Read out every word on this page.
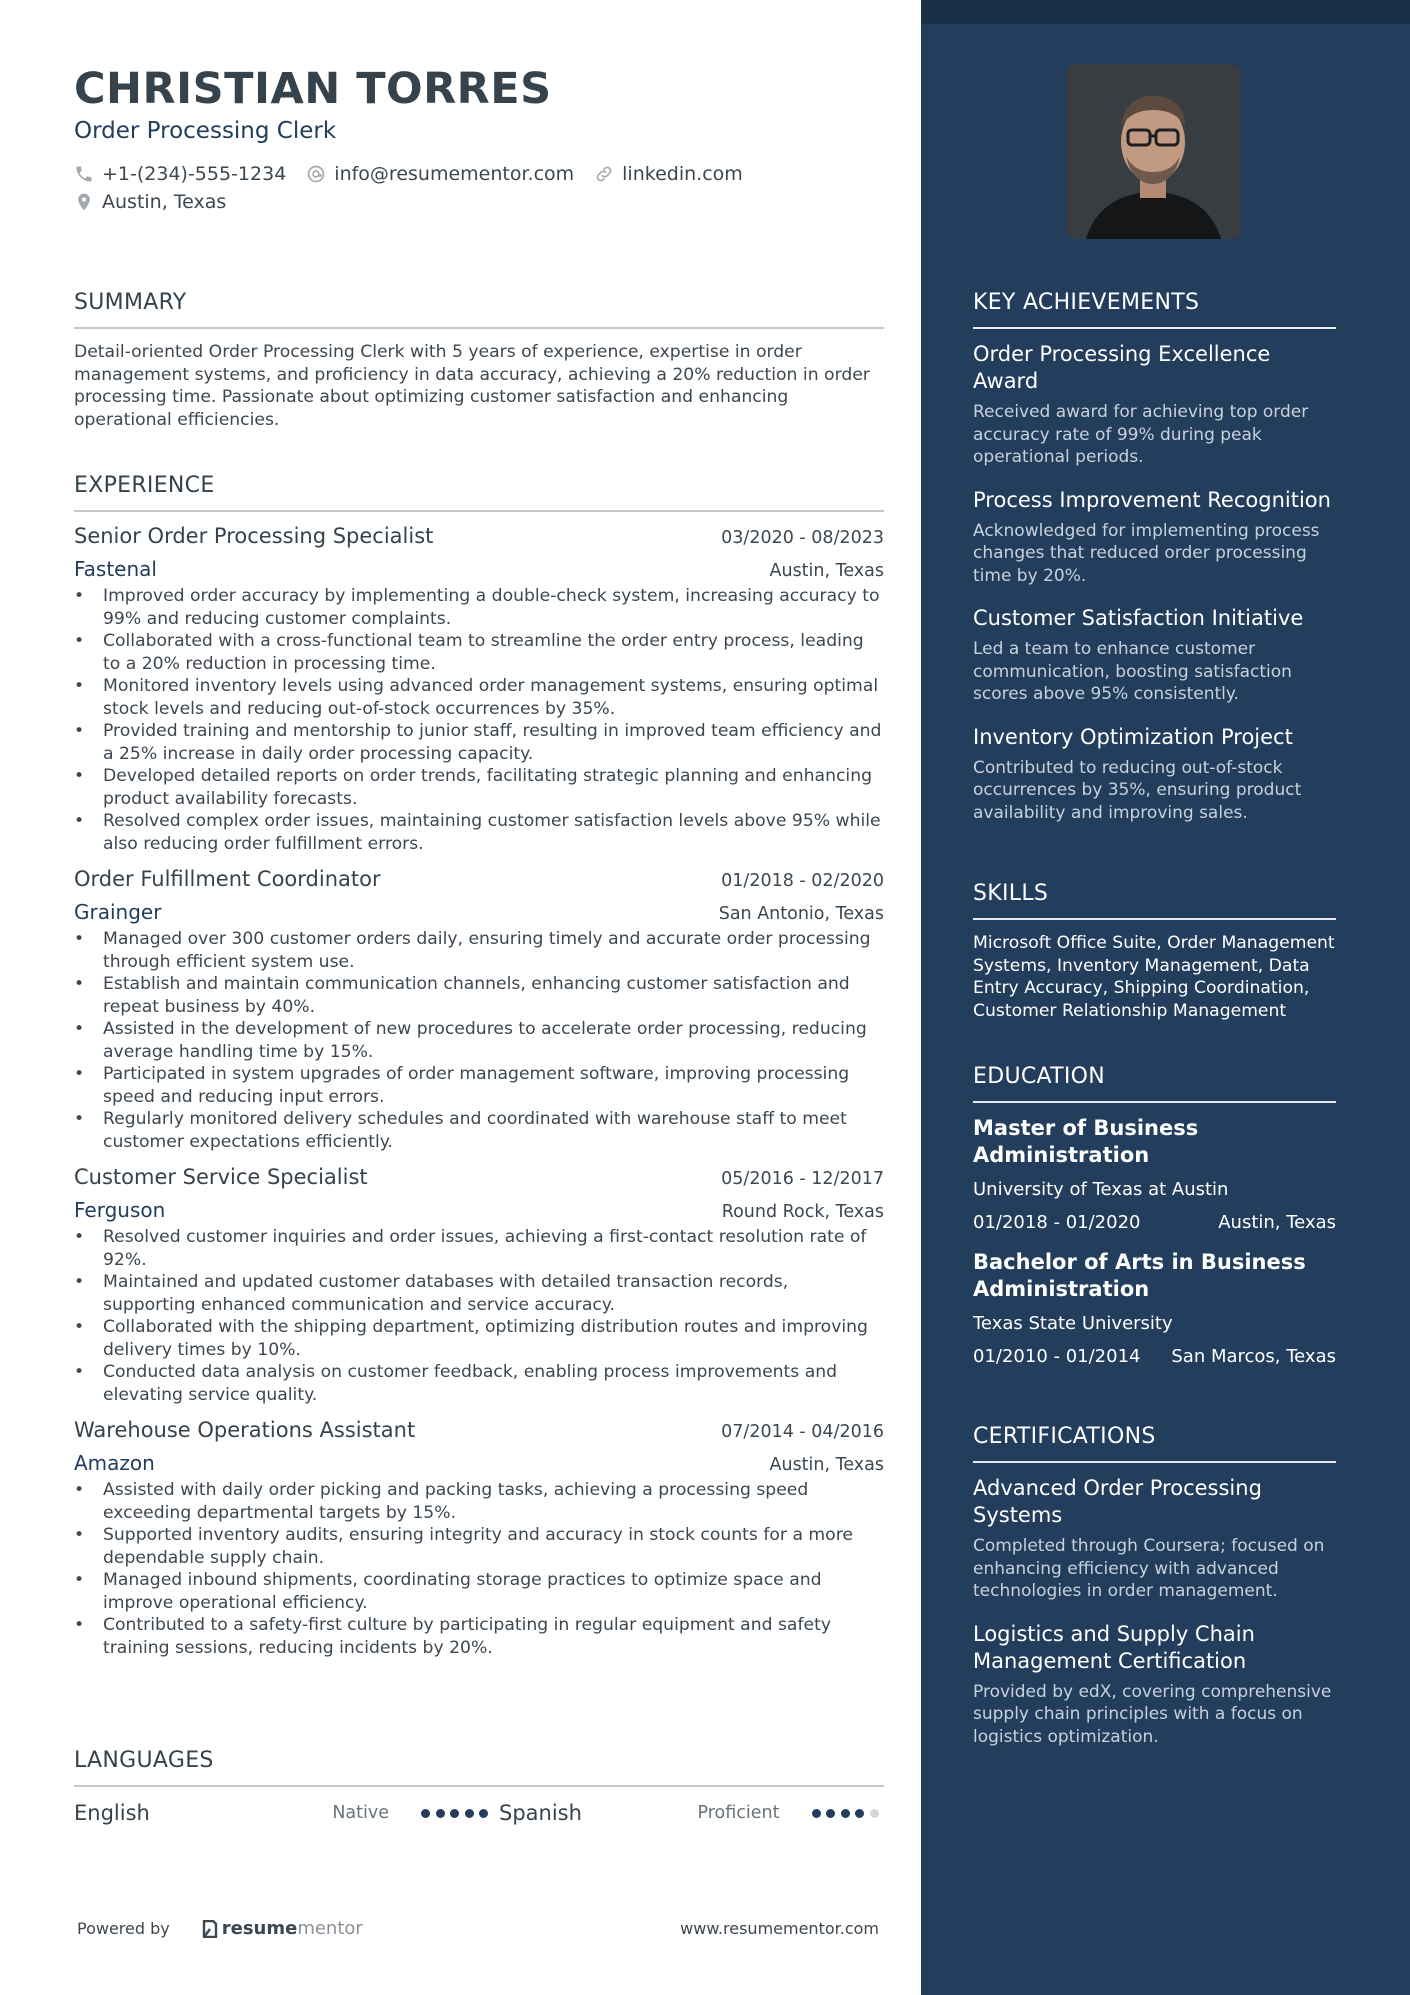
CHRISTIAN TORRES
Order Processing Clerk
+1-(234)-555-1234	info@resumementor.com	linkedin.com
Austin, Texas
SUMMARY
Detail-oriented Order Processing Clerk with 5 years of experience, expertise in order management systems, and proficiency in data accuracy, achieving a 20% reduction in order processing time. Passionate about optimizing customer satisfaction and enhancing operational efficiencies.
EXPERIENCE
Senior Order Processing Specialist	03/2020 - 08/2023
Fastenal	Austin, Texas
• Improved order accuracy by implementing a double-check system, increasing accuracy to 99% and reducing customer complaints.
• Collaborated with a cross-functional team to streamline the order entry process, leading to a 20% reduction in processing time.
• Monitored inventory levels using advanced order management systems, ensuring optimal stock levels and reducing out-of-stock occurrences by 35%.
• Provided training and mentorship to junior staff, resulting in improved team efficiency and a 25% increase in daily order processing capacity.
• Developed detailed reports on order trends, facilitating strategic planning and enhancing product availability forecasts.
• Resolved complex order issues, maintaining customer satisfaction levels above 95% while also reducing order fulfillment errors.
Order Fulfillment Coordinator	01/2018 - 02/2020
Grainger	San Antonio, Texas
• Managed over 300 customer orders daily, ensuring timely and accurate order processing through efficient system use.
• Establish and maintain communication channels, enhancing customer satisfaction and repeat business by 40%.
• Assisted in the development of new procedures to accelerate order processing, reducing average handling time by 15%.
• Participated in system upgrades of order management software, improving processing speed and reducing input errors.
• Regularly monitored delivery schedules and coordinated with warehouse staff to meet customer expectations efficiently.
Customer Service Specialist	05/2016 - 12/2017
Ferguson	Round Rock, Texas
• Resolved customer inquiries and order issues, achieving a first-contact resolution rate of 92%.
• Maintained and updated customer databases with detailed transaction records, supporting enhanced communication and service accuracy.
• Collaborated with the shipping department, optimizing distribution routes and improving delivery times by 10%.
• Conducted data analysis on customer feedback, enabling process improvements and elevating service quality.
Warehouse Operations Assistant	07/2014 - 04/2016
Amazon	Austin, Texas
• Assisted with daily order picking and packing tasks, achieving a processing speed exceeding departmental targets by 15%.
• Supported inventory audits, ensuring integrity and accuracy in stock counts for a more dependable supply chain.
• Managed inbound shipments, coordinating storage practices to optimize space and improve operational efficiency.
• Contributed to a safety-first culture by participating in regular equipment and safety training sessions, reducing incidents by 20%.
LANGUAGES
English	Native	Spanish	Proficient
Powered by	resume mentor	www.resumementor.com
KEY ACHIEVEMENTS
Order Processing Excellence Award
Received award for achieving top order accuracy rate of 99% during peak operational periods.
Process Improvement Recognition
Acknowledged for implementing process changes that reduced order processing time by 20%.
Customer Satisfaction Initiative
Led a team to enhance customer communication, boosting satisfaction scores above 95% consistently.
Inventory Optimization Project
Contributed to reducing out-of-stock occurrences by 35%, ensuring product availability and improving sales.
SKILLS
Microsoft Office Suite, Order Management Systems, Inventory Management, Data Entry Accuracy, Shipping Coordination, Customer Relationship Management
EDUCATION
Master of Business Administration
University of Texas at Austin
01/2018 - 01/2020	Austin, Texas
Bachelor of Arts in Business Administration
Texas State University
01/2010 - 01/2014 San Marcos, Texas
CERTIFICATIONS
Advanced Order Processing Systems
Completed through Coursera; focused on enhancing efficiency with advanced technologies in order management.
Logistics and Supply Chain Management Certification
Provided by edX, covering comprehensive supply chain principles with a focus on logistics optimization.
